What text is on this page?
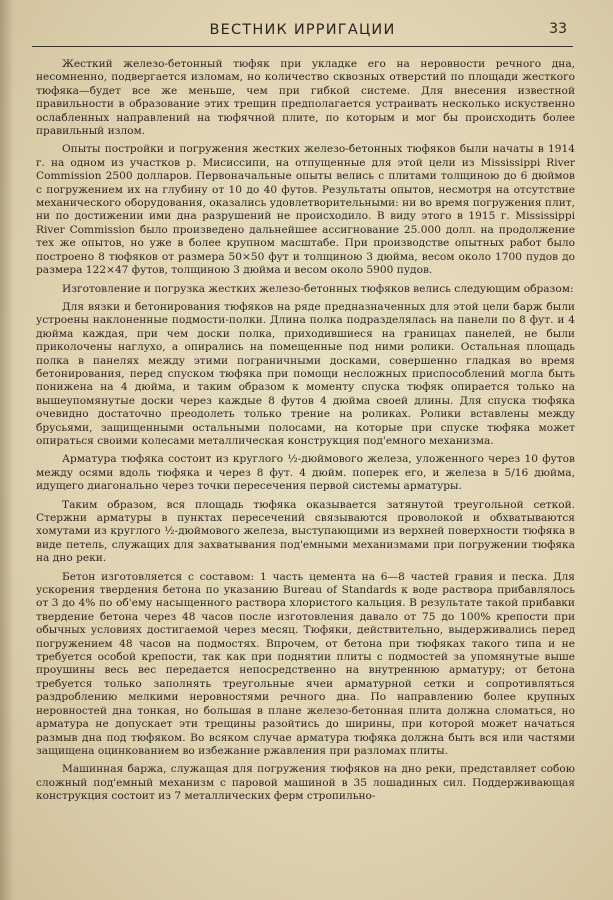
ВЕСТНИК ИРРИГАЦИИ	33

Жесткий железо-бетонный тюфяк при укладке его на неровности речного дна, несомненно, подвергается изломам, но количество сквозных отверстий по площади жесткого тюфяка—будет все же меньше, чем при гибкой системе. Для внесения известной правильности в образование этих трещин предполагается устраивать несколько искуственно ослабленных направлений на тюфячной плите, по которым и мог бы происходить более правильный излом.

Опыты постройки и погружения жестких железо-бетонных тюфяков были начаты в 1914 г. на одном из участков р. Мисиссипи, на отпущенные для этой цели из Mississippi River Commission 2500 долларов. Первоначальные опыты велись с плитами толщиною до 6 дюймов с погружением их на глубину от 10 до 40 футов. Результаты опытов, несмотря на отсутствие механического оборудования, оказались удовлетворительными: ни во время погружения плит, ни по достижении ими дна разрушений не происходило. В виду этого в 1915 г. Mississippi River Commission было произведено дальнейшее ассигнование 25.000 долл. на продолжение тех же опытов, но уже в более крупном масштабе. При производстве опытных работ было построено 8 тюфяков от размера 50×50 фут и толщиною 3 дюйма, весом около 1700 пудов до размера 122×47 футов, толщиною 3 дюйма и весом около 5900 пудов.

Изготовление и погрузка жестких железо-бетонных тюфяков велись следующим образом:

Для вязки и бетонирования тюфяков на ряде предназначенных для этой цели барж были устроены наклоненные подмости-полки. Длина полка подразделялась на панели по 8 фут. и 4 дюйма каждая, при чем доски полка, приходившиеся на границах панелей, не были приколочены наглухо, а опирались на помещенные под ними ролики. Остальная площадь полка в панелях между этими пограничными досками, совершенно гладкая во время бетонирования, перед спуском тюфяка при помощи несложных приспособлений могла быть понижена на 4 дюйма, и таким образом к моменту спуска тюфяк опирается только на вышеупомянутые доски через каждые 8 футов 4 дюйма своей длины. Для спуска тюфяка очевидно достаточно преодолеть только трение на роликах. Ролики вставлены между брусьями, защищенными остальными полосами, на которые при спуске тюфяка может опираться своими колесами металлическая конструкция под'емного механизма.

Арматура тюфяка состоит из круглого ½-дюймового железа, уложенного через 10 футов между осями вдоль тюфяка и через 8 фут. 4 дюйм. поперек его, и железа в 5/16 дюйма, идущего диагонально через точки пересечения первой системы арматуры.

Таким образом, вся площадь тюфяка оказывается затянутой треугольной сеткой. Стержни арматуры в пунктах пересечений связываются проволокой и обхватываются хомутами из круглого ½-дюймового железа, выступающими из верхней поверхности тюфяка в виде петель, служащих для захватывания под'емными механизмами при погружении тюфяка на дно реки.

Бетон изготовляется с составом: 1 часть цемента на 6—8 частей гравия и песка. Для ускорения твердения бетона по указанию Bureau of Standards к воде раствора прибавлялось от 3 до 4% по об'ему насыщенного раствора хлористого кальция. В результате такой прибавки твердение бетона через 48 часов после изготовления давало от 75 до 100% крепости при обычных условиях достигаемой через месяц. Тюфяки, действительно, выдерживались перед погружением 48 часов на подмостях. Впрочем, от бетона при тюфяках такого типа и не требуется особой крепости, так как при поднятии плиты с подмостей за упомянутые выше проушины весь вес передается непосредственно на внутреннюю арматуру; от бетона требуется только заполнять треугольные ячеи арматурной сетки и сопротивляться раздроблению мелкими неровностями речного дна. По направлению более крупных неровностей дна тонкая, но большая в плане железо-бетонная плита должна сломаться, но арматура не допускает эти трещины разойтись до ширины, при которой может начаться размыв дна под тюфяком. Во всяком случае арматура тюфяка должна быть вся или частями защищена оцинкованием во избежание ржавления при разломах плиты.

Машинная баржа, служащая для погружения тюфяков на дно реки, представляет собою сложный под'емный механизм с паровой машиной в 35 лошадиных сил. Поддерживающая конструкция состоит из 7 металлических ферм стропильно-
